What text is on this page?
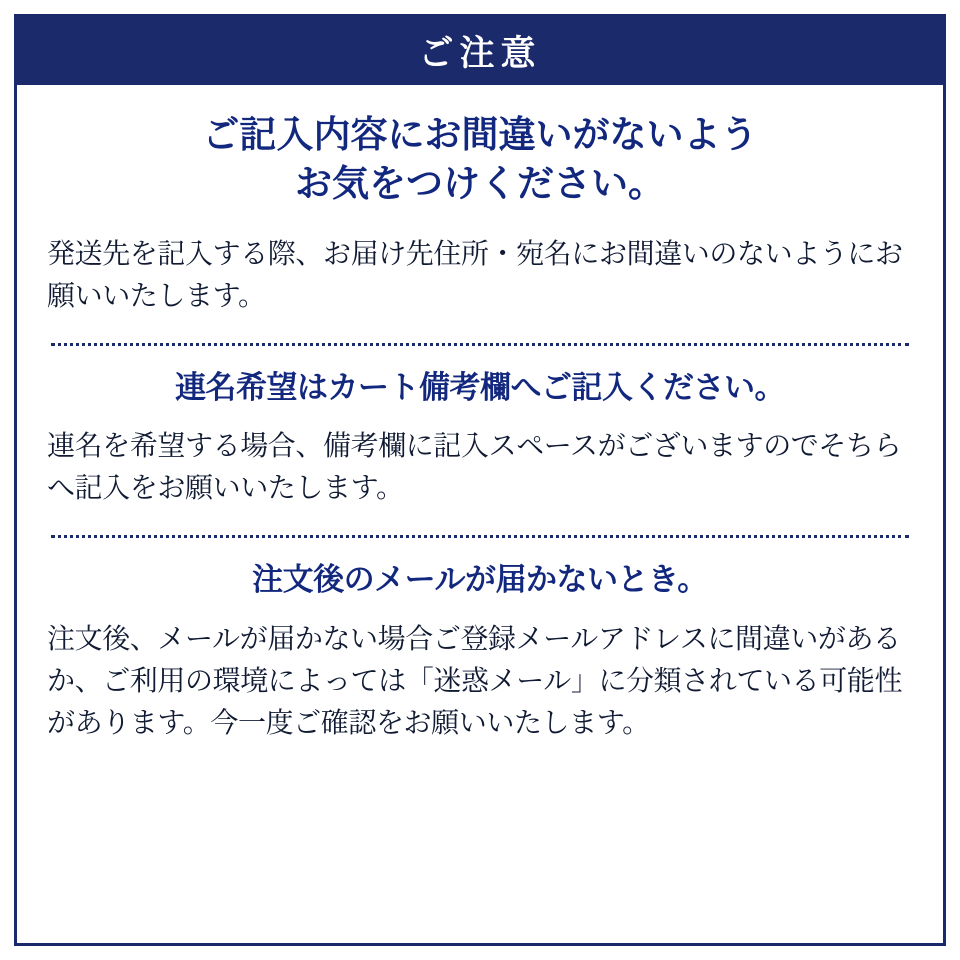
ご注意
ご記入内容にお間違いがないよう
お気をつけください。
発送先を記入する際、お届け先住所・宛名にお間違いのないようにお願いいたします。
連名希望はカート備考欄へご記入ください。
連名を希望する場合、備考欄に記入スペースがございますのでそちらへ記入をお願いいたします。
注文後のメールが届かないとき。
注文後、メールが届かない場合ご登録メールアドレスに間違いがあるか、ご利用の環境によっては「迷惑メール」に分類されている可能性があります。今一度ご確認をお願いいたします。
